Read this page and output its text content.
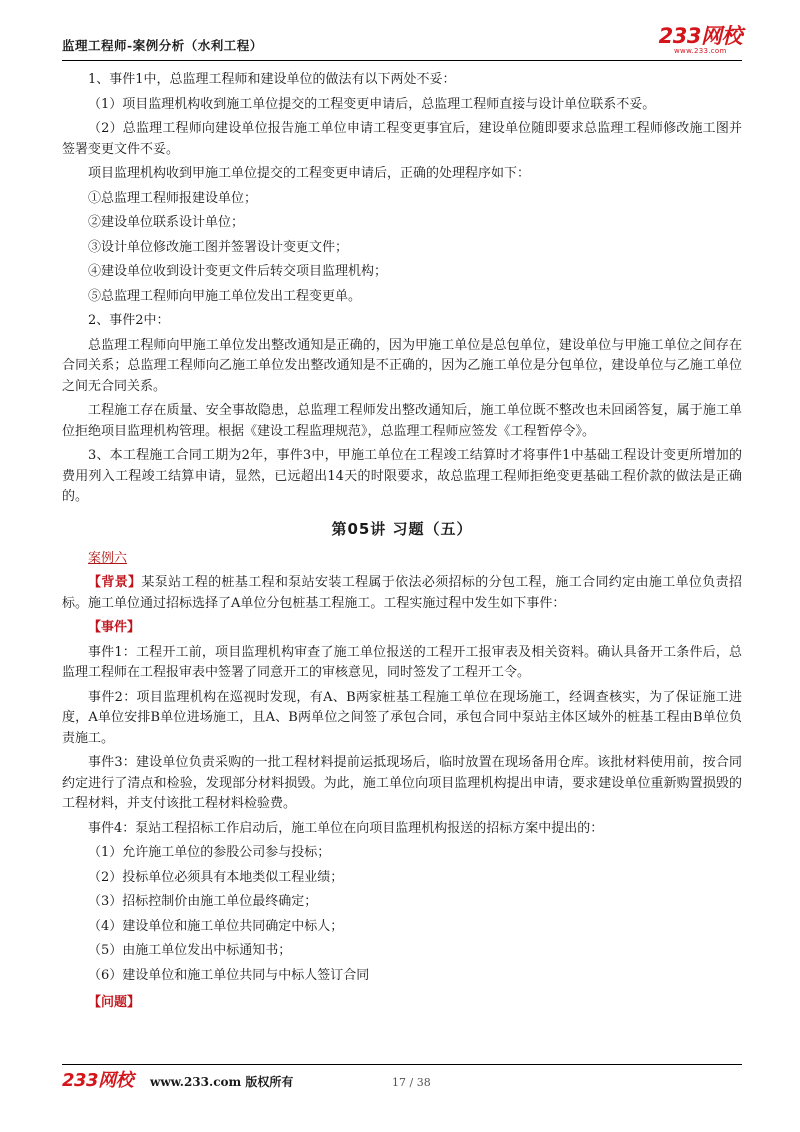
监理工程师-案例分析（水利工程）	233网校
www.233.com
1、事件1中，总监理工程师和建设单位的做法有以下两处不妥：
（1）项目监理机构收到施工单位提交的工程变更申请后，总监理工程师直接与设计单位联系不妥。
（2）总监理工程师向建设单位报告施工单位申请工程变更事宜后，建设单位随即要求总监理工程师修改施工图并签署变更文件不妥。
项目监理机构收到甲施工单位提交的工程变更申请后，正确的处理程序如下：
①总监理工程师报建设单位；
②建设单位联系设计单位；
③设计单位修改施工图并签署设计变更文件；
④建设单位收到设计变更文件后转交项目监理机构；
⑤总监理工程师向甲施工单位发出工程变更单。
2、事件2中：
总监理工程师向甲施工单位发出整改通知是正确的，因为甲施工单位是总包单位，建设单位与甲施工单位之间存在合同关系；总监理工程师向乙施工单位发出整改通知是不正确的，因为乙施工单位是分包单位，建设单位与乙施工单位之间无合同关系。
工程施工存在质量、安全事故隐患，总监理工程师发出整改通知后，施工单位既不整改也未回函答复，属于施工单位拒绝项目监理机构管理。根据《建设工程监理规范》，总监理工程师应签发《工程暂停令》。
3、本工程施工合同工期为2年，事件3中，甲施工单位在工程竣工结算时才将事件1中基础工程设计变更所增加的费用列入工程竣工结算申请，显然，已远超出14天的时限要求，故总监理工程师拒绝变更基础工程价款的做法是正确的。
第05讲 习题（五）
案例六
【背景】某泵站工程的桩基工程和泵站安装工程属于依法必须招标的分包工程，施工合同约定由施工单位负责招标。施工单位通过招标选择了A单位分包桩基工程施工。工程实施过程中发生如下事件：
【事件】
事件1：工程开工前，项目监理机构审查了施工单位报送的工程开工报审表及相关资料。确认具备开工条件后，总监理工程师在工程报审表中签署了同意开工的审核意见，同时签发了工程开工令。
事件2：项目监理机构在巡视时发现，有A、B两家桩基工程施工单位在现场施工，经调查核实，为了保证施工进度，A单位安排B单位进场施工，且A、B两单位之间签了承包合同，承包合同中泵站主体区域外的桩基工程由B单位负责施工。
事件3：建设单位负责采购的一批工程材料提前运抵现场后，临时放置在现场备用仓库。该批材料使用前，按合同约定进行了清点和检验，发现部分材料损毁。为此，施工单位向项目监理机构提出申请，要求建设单位重新购置损毁的工程材料，并支付该批工程材料检验费。
事件4：泵站工程招标工作启动后，施工单位在向项目监理机构报送的招标方案中提出的：
（1）允许施工单位的参股公司参与投标；
（2）投标单位必须具有本地类似工程业绩；
（3）招标控制价由施工单位最终确定；
（4）建设单位和施工单位共同确定中标人；
（5）由施工单位发出中标通知书；
（6）建设单位和施工单位共同与中标人签订合同
【问题】
233网校 www.233.com 版权所有	17 / 38
